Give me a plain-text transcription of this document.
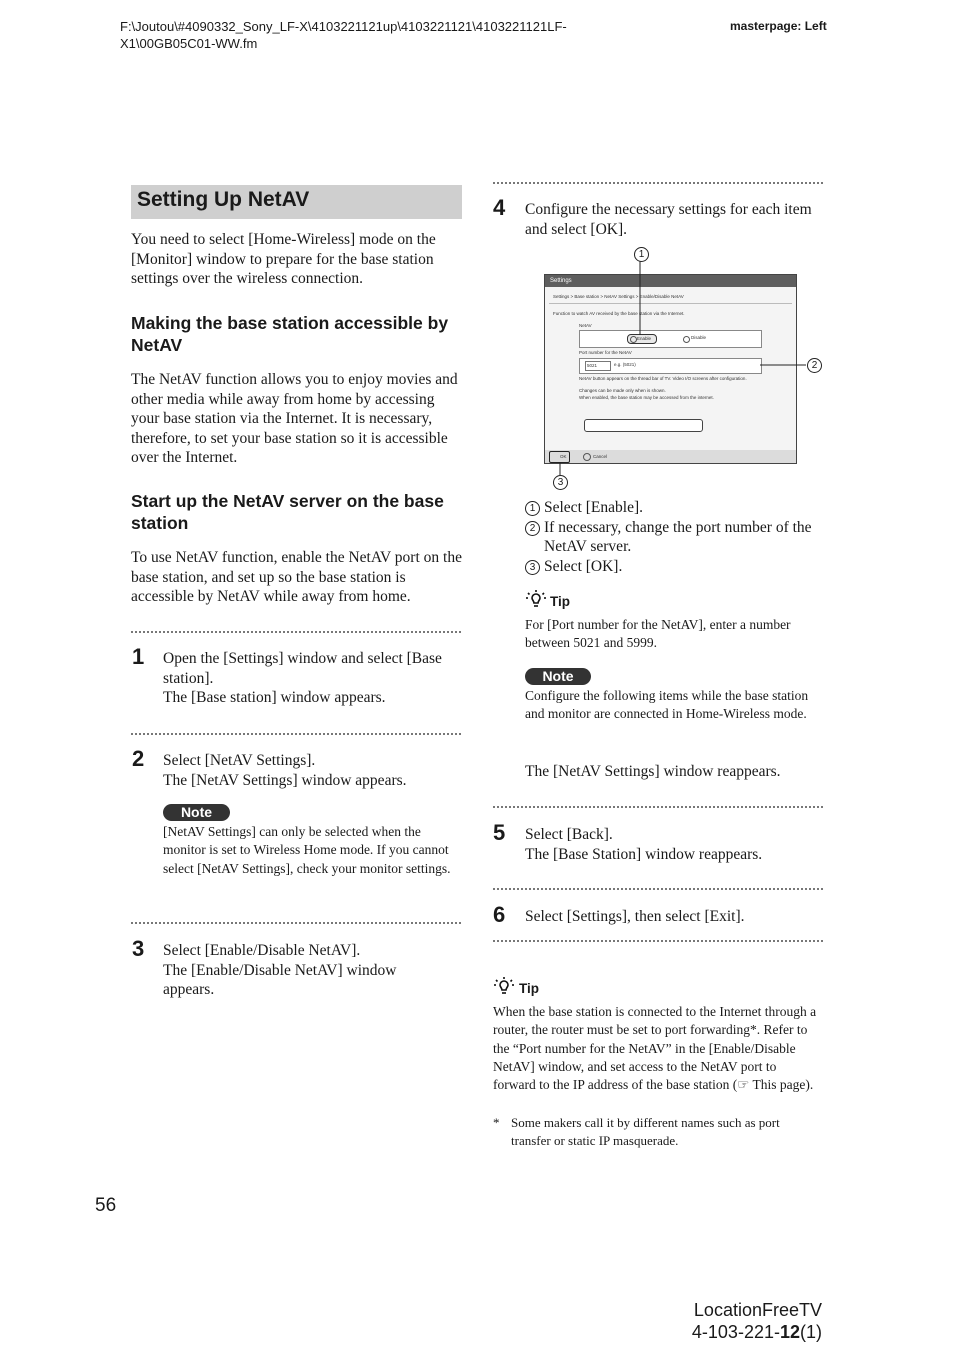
F:\Joutou\#4090332_Sony_LF-X\4103221121up\4103221121\4103221121LF-
X1\00GB05C01-WW.fm
masterpage: Left
Setting Up NetAV
You need to select [Home-Wireless] mode on the [Monitor] window to prepare for the base station settings over the wireless connection.
Making the base station accessible by NetAV
The NetAV function allows you to enjoy movies and other media while away from home by accessing your base station via the Internet. It is necessary, therefore, to set your base station so it is accessible over the Internet.
Start up the NetAV server on the base station
To use NetAV function, enable the NetAV port on the base station, and set up so the base station is accessible by NetAV while away from home.
1 Open the [Settings] window and select [Base station].
The [Base station] window appears.
2 Select [NetAV Settings].
The [NetAV Settings] window appears.
Note
[NetAV Settings] can only be selected when the monitor is set to Wireless Home mode. If you cannot select [NetAV Settings], check your monitor settings.
3 Select [Enable/Disable NetAV].
The [Enable/Disable NetAV] window appears.
4 Configure the necessary settings for each item and select [OK].
Settings
Settings > Base station > NetAV Settings > Enable/Disable NetAV
Function to watch AV received by the base station via the Internet.
NetAV
Enable	Disable
Port number for the NetAV
5021	e.g. (5021)
NetAV button appears on the thread bar of TV. Video I/O screens after configuration.
Changes can be made only when is shown.
When enabled, the base station may be accessed from the internet.
OK	Cancel
1
2
3
1 Select [Enable].
2 If necessary, change the port number of the NetAV server.
3 Select [OK].
Tip
For [Port number for the NetAV], enter a number between 5021 and 5999.
Note
Configure the following items while the base station and monitor are connected in Home-Wireless mode.
The [NetAV Settings] window reappears.
5 Select [Back].
The [Base Station] window reappears.
6 Select [Settings], then select [Exit].
Tip
When the base station is connected to the Internet through a router, the router must be set to port forwarding*. Refer to the “Port number for the NetAV” in the [Enable/Disable NetAV] window, and set access to the NetAV port to forward to the IP address of the base station (☞ This page).
* Some makers call it by different names such as port transfer or static IP masquerade.
56
LocationFreeTV
4-103-221-12(1)
